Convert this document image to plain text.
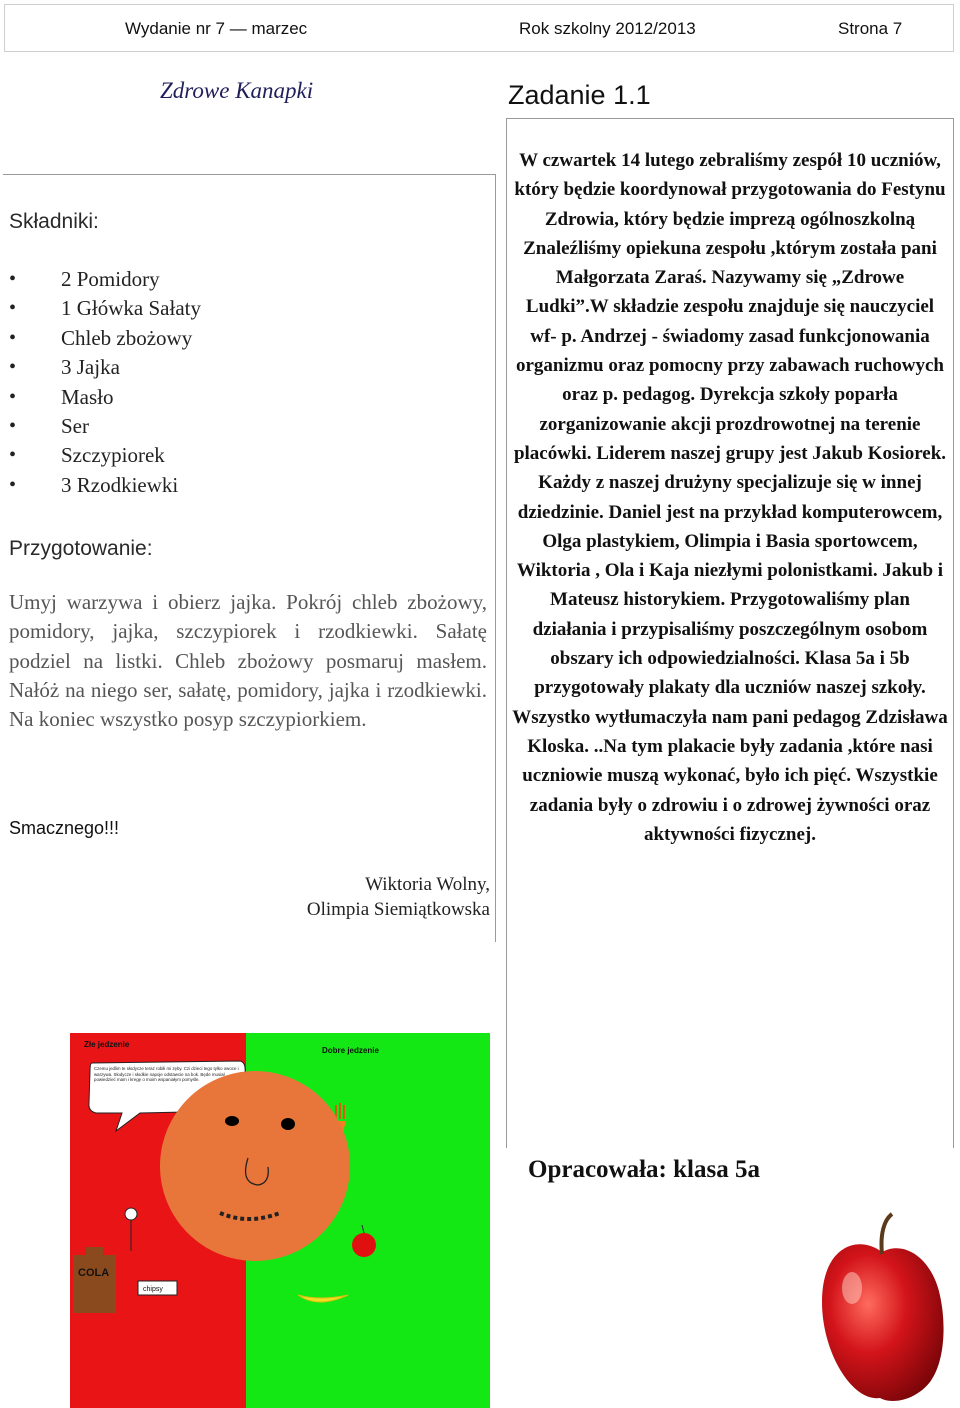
Wydanie nr 7 — marzec	Rok szkolny 2012/2013	Strona 7
Zdrowe Kanapki
Składniki:
• 2 Pomidory
• 1 Główka Sałaty
• Chleb zbożowy
• 3 Jajka
• Masło
• Ser
• Szczypiorek
• 3 Rzodkiewki
Przygotowanie:

Umyj warzywa i obierz jajka. Pokrój chleb zbożowy, pomidory, jajka, szczypiorek i rzodkiewki. Sałatę podziel na listki. Chleb zbożowy posmaruj masłem. Nałóż na niego ser, sałatę, pomidory, jajka i rzodkiewki. Na koniec wszystko posyp szczypiorkiem.

Smacznego!!!
Wiktoria Wolny,
Olimpia Siemiątkowska
Złe jedzenie
Dobre jedzenie
Czemu jedlim te słodycze teraz robiłi mi zęby. Czi dzieci tego tylko owoce i warzywa. Słodycze i słodkie napoje odstawcie na bok. Będe musiał powiedzieć mam i kregę o moim wspaniałym pomyśle.
COLA
chipsy
Zadanie 1.1

W czwartek 14 lutego zebraliśmy zespół 10 uczniów, który będzie koordynował przygotowania do Festynu Zdrowia, który będzie imprezą ogólnoszkolną Znaleźliśmy opiekuna zespołu ,którym została pani Małgorzata Zaraś. Nazywamy się „Zdrowe Ludki”.W składzie zespołu znajduje się nauczyciel wf- p. Andrzej - świadomy zasad funkcjonowania organizmu oraz pomocny przy zabawach ruchowych oraz p. pedagog. Dyrekcja szkoły poparła zorganizowanie akcji prozdrowotnej na terenie placówki. Liderem naszej grupy jest Jakub Kosiorek. Każdy z naszej drużyny specjalizuje się w innej dziedzinie. Daniel jest na przykład komputerowcem, Olga plastykiem, Olimpia i Basia sportowcem, Wiktoria , Ola i Kaja niezłymi polonistkami. Jakub i Mateusz historykiem. Przygotowaliśmy plan działania i przypisaliśmy poszczególnym osobom obszary ich odpowiedzialności. Klasa 5a i 5b przygotowały plakaty dla uczniów naszej szkoły. Wszystko wytłumaczyła nam pani pedagog Zdzisława Kloska. ..Na tym plakacie były zadania ,które nasi uczniowie muszą wykonać, było ich pięć. Wszystkie zadania były o zdrowiu i o zdrowej żywności oraz aktywności fizycznej.

Opracowała: klasa 5a
